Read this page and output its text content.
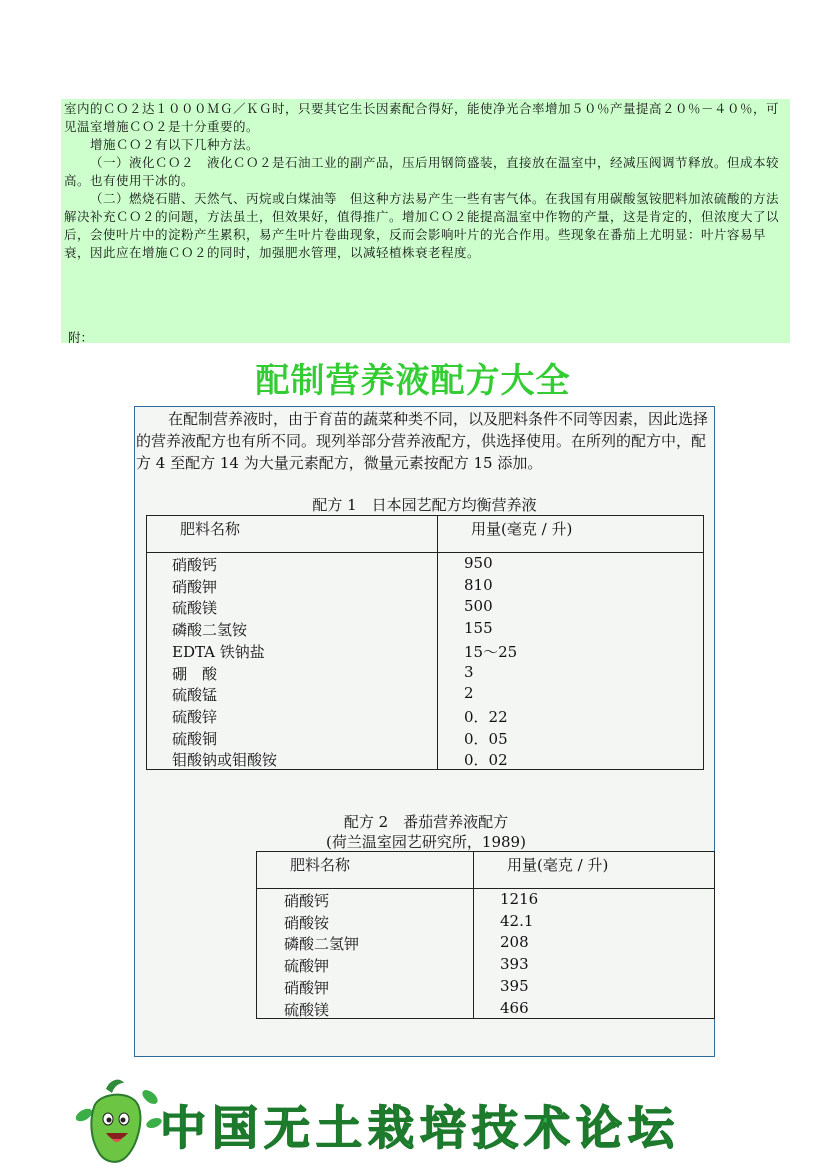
室内的ＣＯ２达１０００ＭＧ／ＫＧ时，只要其它生长因素配合得好，能使净光合率增加５０％产量提高２０％－４０％，可见温室增施ＣＯ２是十分重要的。
增施ＣＯ２有以下几种方法。
（一）液化ＣＯ２　液化ＣＯ２是石油工业的副产品，压后用钢筒盛装，直接放在温室中，经减压阀调节释放。但成本较高。也有使用干冰的。
（二）燃烧石腊、天然气、丙烷或白煤油等　但这种方法易产生一些有害气体。在我国有用碳酸氢铵肥料加浓硫酸的方法解决补充ＣＯ２的问题，方法虽土，但效果好，值得推广。增加ＣＯ２能提高温室中作物的产量，这是肯定的，但浓度大了以后，会使叶片中的淀粉产生累积，易产生叶片卷曲现象，反而会影响叶片的光合作用。些现象在番茄上尤明显：叶片容易早衰，因此应在增施ＣＯ２的同时，加强肥水管理，以减轻植株衰老程度。
附：
配制营养液配方大全
在配制营养液时，由于育苗的蔬菜种类不同，以及肥料条件不同等因素，因此选择的营养液配方也有所不同。现列举部分营养液配方，供选择使用。在所列的配方中，配方 4 至配方 14 为大量元素配方，微量元素按配方 15 添加。
配方 1　日本园艺配方均衡营养液
肥料名称	用量(毫克 / 升)
硝酸钙	950
硝酸钾	810
硫酸镁	500
磷酸二氢铵	155
EDTA 铁钠盐	15～25
硼　酸	3
硫酸锰	2
硫酸锌	0．22
硫酸铜	0．05
钼酸钠或钼酸铵	0．02
配方 2　番茄营养液配方
(荷兰温室园艺研究所，1989)
肥料名称	用量(毫克 / 升)
硝酸钙	1216
硝酸铵	42.1
磷酸二氢钾	208
硫酸钾	393
硝酸钾	395
硫酸镁	466
中国无土栽培技术论坛
